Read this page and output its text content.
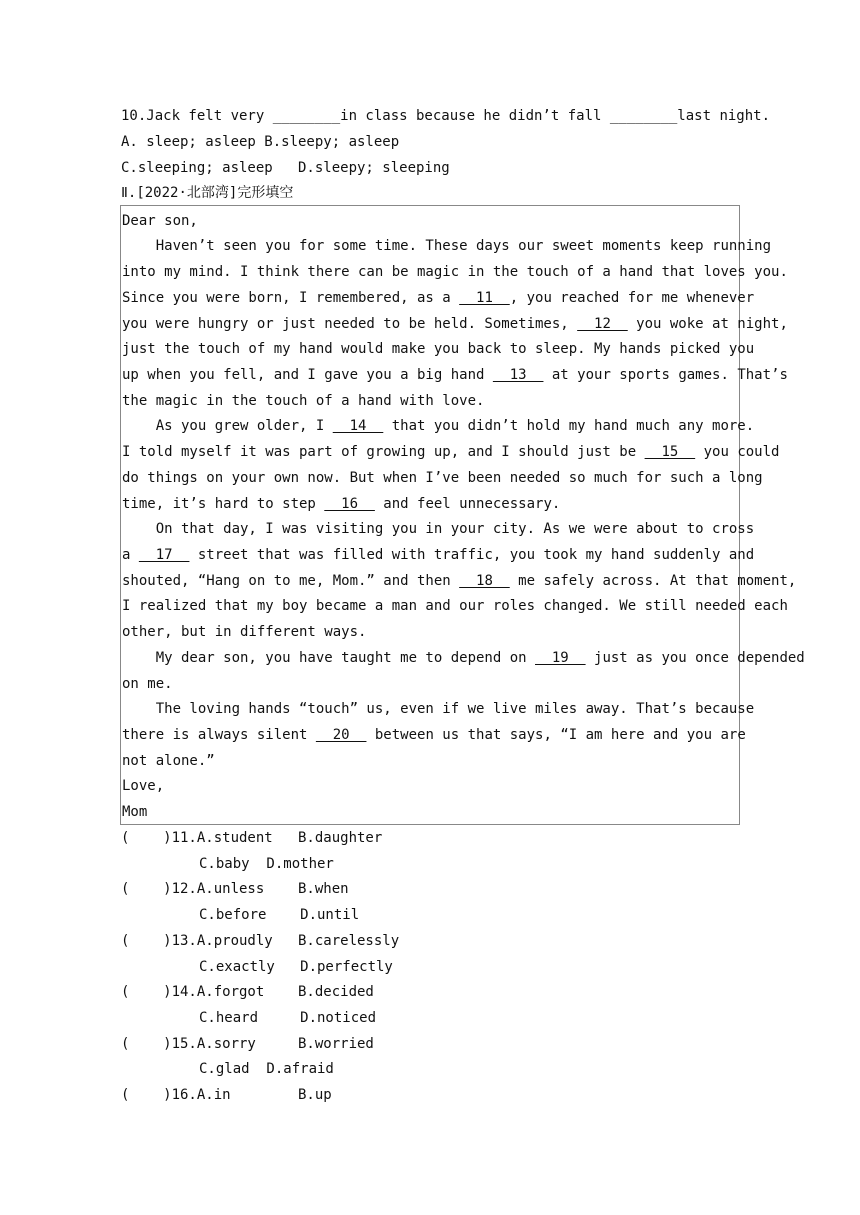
10.Jack felt very ________in class because he didn’t fall ________last night.
A. sleep; asleep B.sleepy; asleep
C.sleeping; asleep   D.sleepy; sleeping
Ⅱ.[2022·北部湾]完形填空
Dear son,
Haven’t seen you for some time. These days our sweet moments keep running
into my mind. I think there can be magic in the touch of a hand that loves you.
Since you were born, I remembered, as a   11  , you reached for me whenever
you were hungry or just needed to be held. Sometimes,   12   you woke at night,
just the touch of my hand would make you back to sleep. My hands picked you
up when you fell, and I gave you a big hand   13   at your sports games. That’s
the magic in the touch of a hand with love.
As you grew older, I   14   that you didn’t hold my hand much any more.
I told myself it was part of growing up, and I should just be   15   you could
do things on your own now. But when I’ve been needed so much for such a long
time, it’s hard to step   16   and feel unnecessary.
On that day, I was visiting you in your city. As we were about to cross
a   17   street that was filled with traffic, you took my hand suddenly and
shouted, “Hang on to me, Mom.” and then   18   me safely across. At that moment,
I realized that my boy became a man and our roles changed. We still needed each
other, but in different ways.
My dear son, you have taught me to depend on   19   just as you once depended
on me.
The loving hands “touch” us, even if we live miles away. That’s because
there is always silent   20   between us that says, “I am here and you are
not alone.”
Love,
Mom
(    )11.A.student   B.daughter
C.baby  D.mother
(    )12.A.unless    B.when
C.before    D.until
(    )13.A.proudly   B.carelessly
C.exactly   D.perfectly
(    )14.A.forgot    B.decided
C.heard     D.noticed
(    )15.A.sorry     B.worried
C.glad  D.afraid
(    )16.A.in        B.up
